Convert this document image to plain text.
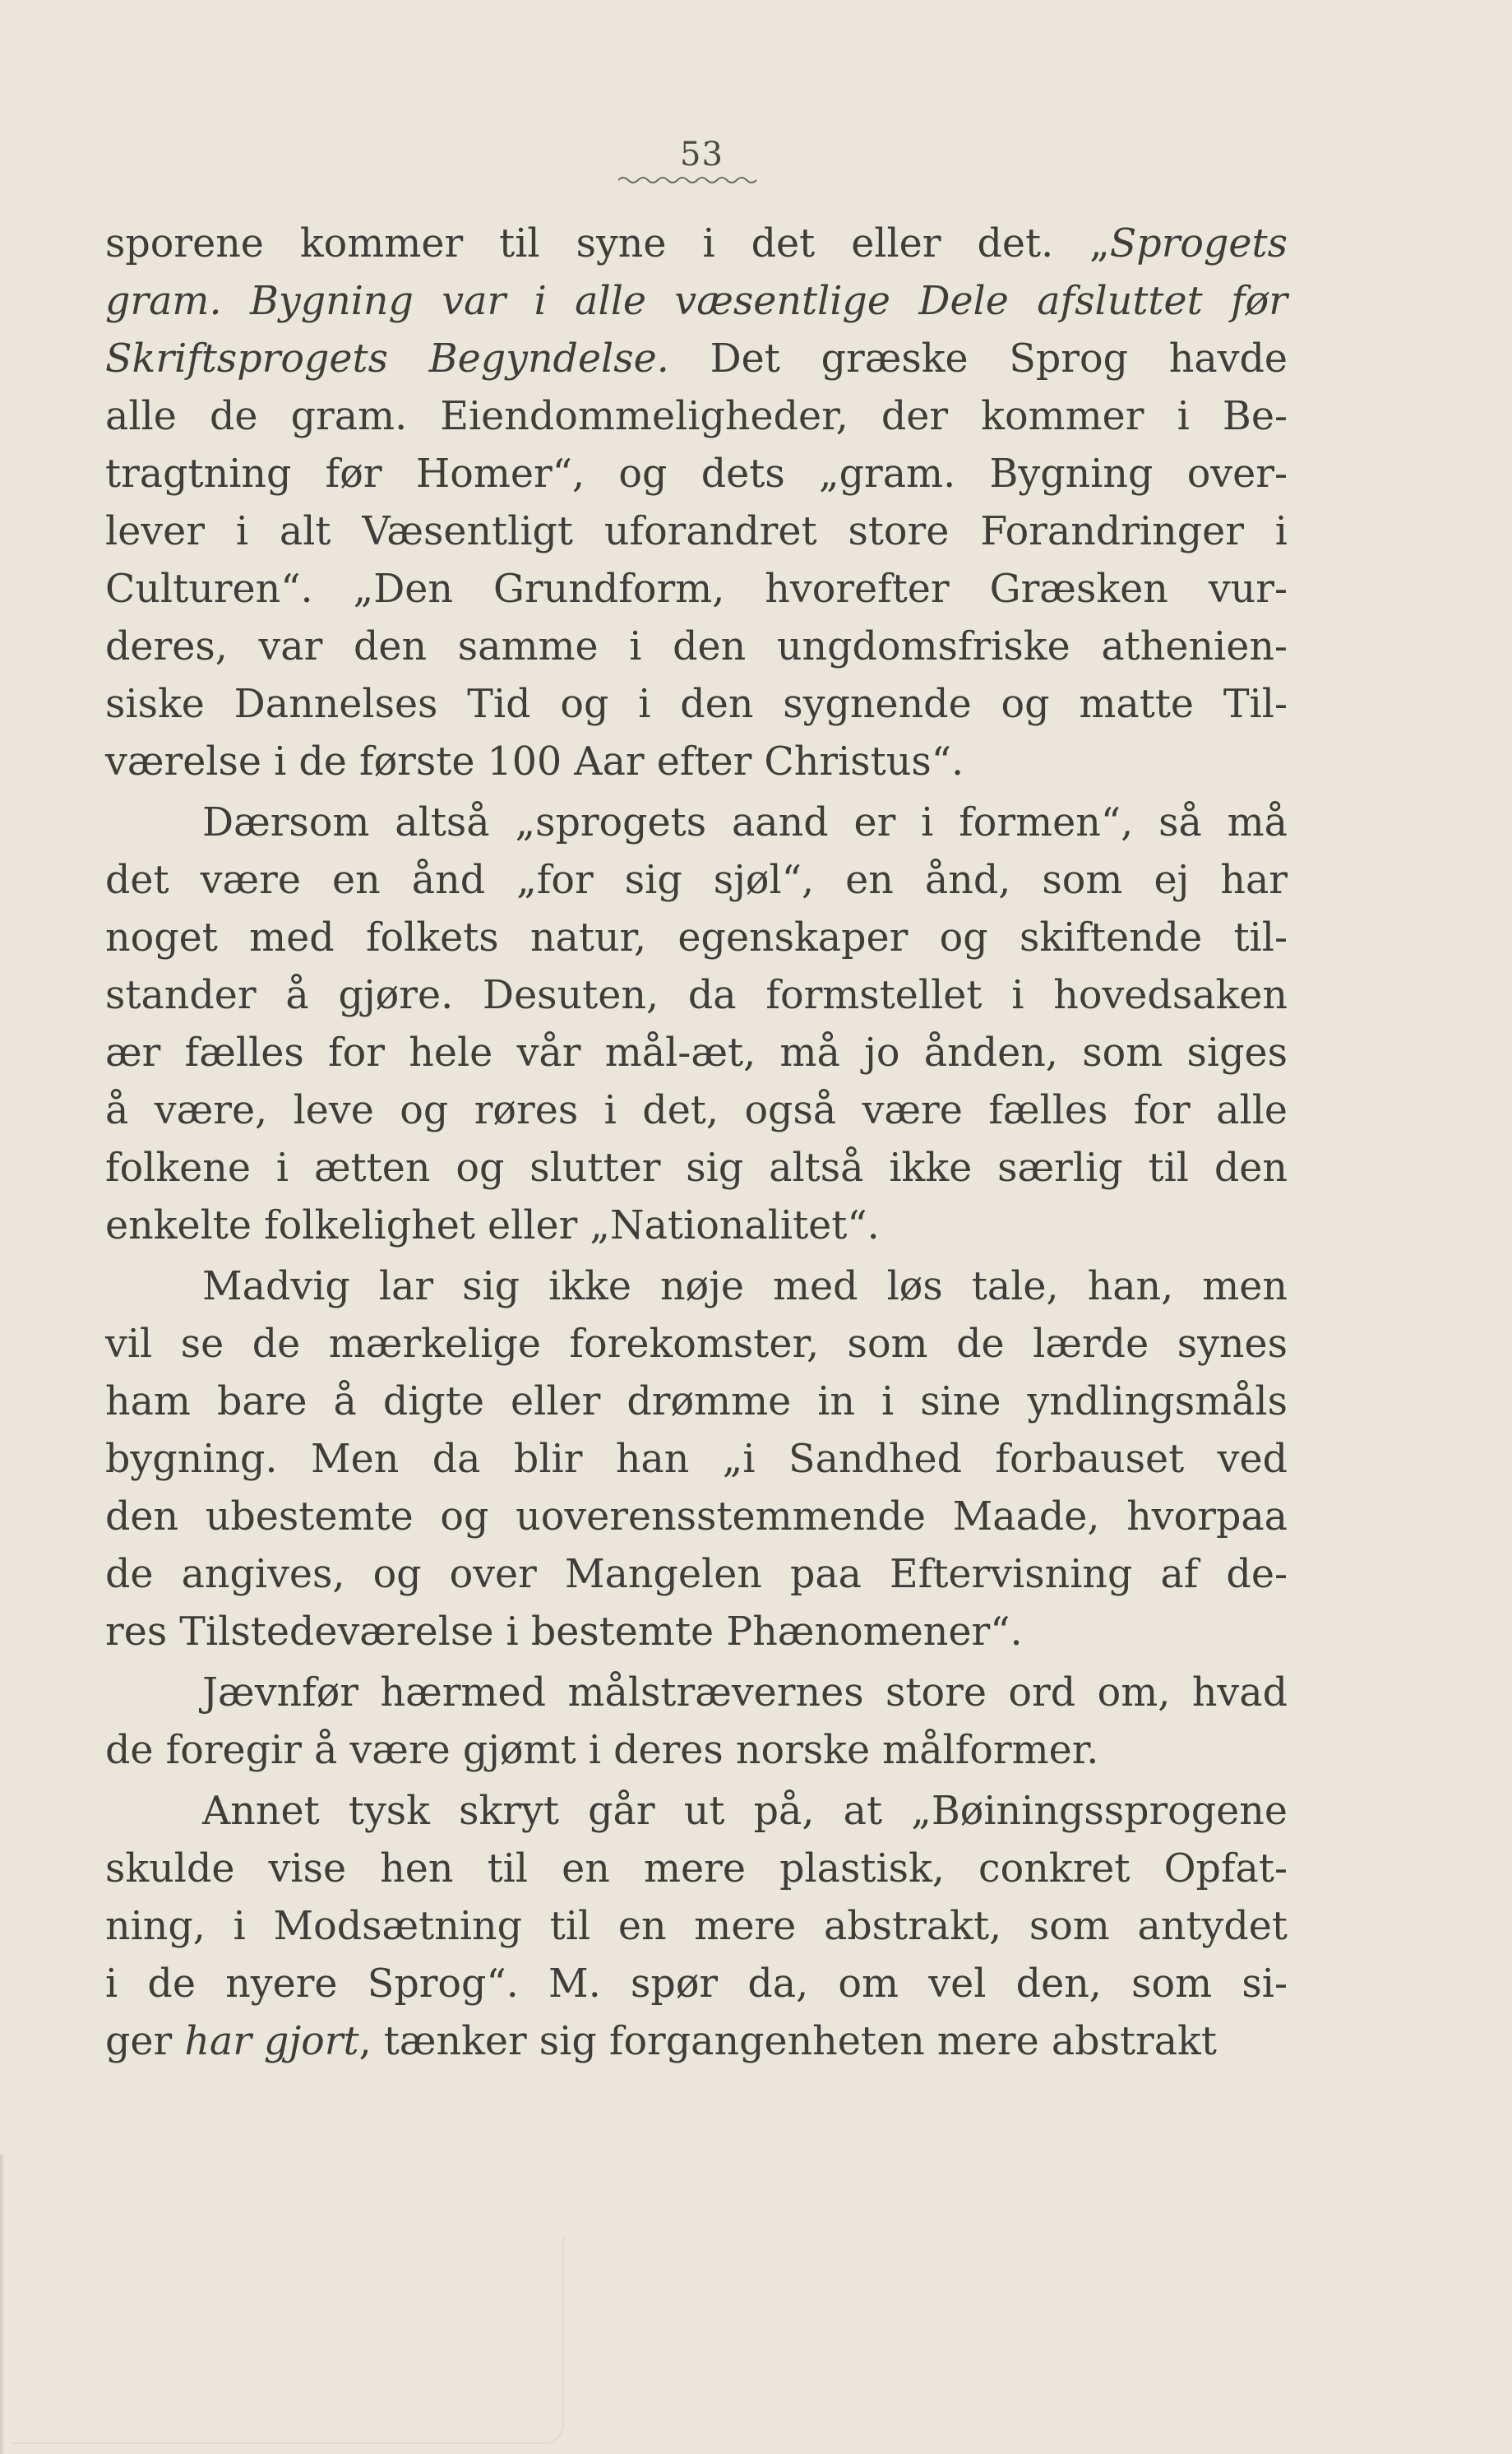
53
sporene kommer til syne i det eller det. „Sprogets
gram. Bygning var i alle væsentlige Dele afsluttet før
Skriftsprogets Begyndelse. Det græske Sprog havde
alle de gram. Eiendommeligheder, der kommer i Be-
tragtning før Homer“, og dets „gram. Bygning over-
lever i alt Væsentligt uforandret store Forandringer i
Culturen“. „Den Grundform, hvorefter Græsken vur-
deres, var den samme i den ungdomsfriske athenien-
siske Dannelses Tid og i den sygnende og matte Til-
værelse i de første 100 Aar efter Christus“.
Dærsom altså „sprogets aand er i formen“, så må
det være en ånd „for sig sjøl“, en ånd, som ej har
noget med folkets natur, egenskaper og skiftende til-
stander å gjøre. Desuten, da formstellet i hovedsaken
ær fælles for hele vår mål-æt, må jo ånden, som siges
å være, leve og røres i det, også være fælles for alle
folkene i ætten og slutter sig altså ikke særlig til den
enkelte folkelighet eller „Nationalitet“.
Madvig lar sig ikke nøje med løs tale, han, men
vil se de mærkelige forekomster, som de lærde synes
ham bare å digte eller drømme in i sine yndlingsmåls
bygning. Men da blir han „i Sandhed forbauset ved
den ubestemte og uoverensstemmende Maade, hvorpaa
de angives, og over Mangelen paa Eftervisning af de-
res Tilstedeværelse i bestemte Phænomener“.
Jævnfør hærmed målstrævernes store ord om, hvad
de foregir å være gjømt i deres norske målformer.
Annet tysk skryt går ut på, at „Bøiningssprogene
skulde vise hen til en mere plastisk, conkret Opfat-
ning, i Modsætning til en mere abstrakt, som antydet
i de nyere Sprog“. M. spør da, om vel den, som si-
ger har gjort, tænker sig forgangenheten mere abstrakt
